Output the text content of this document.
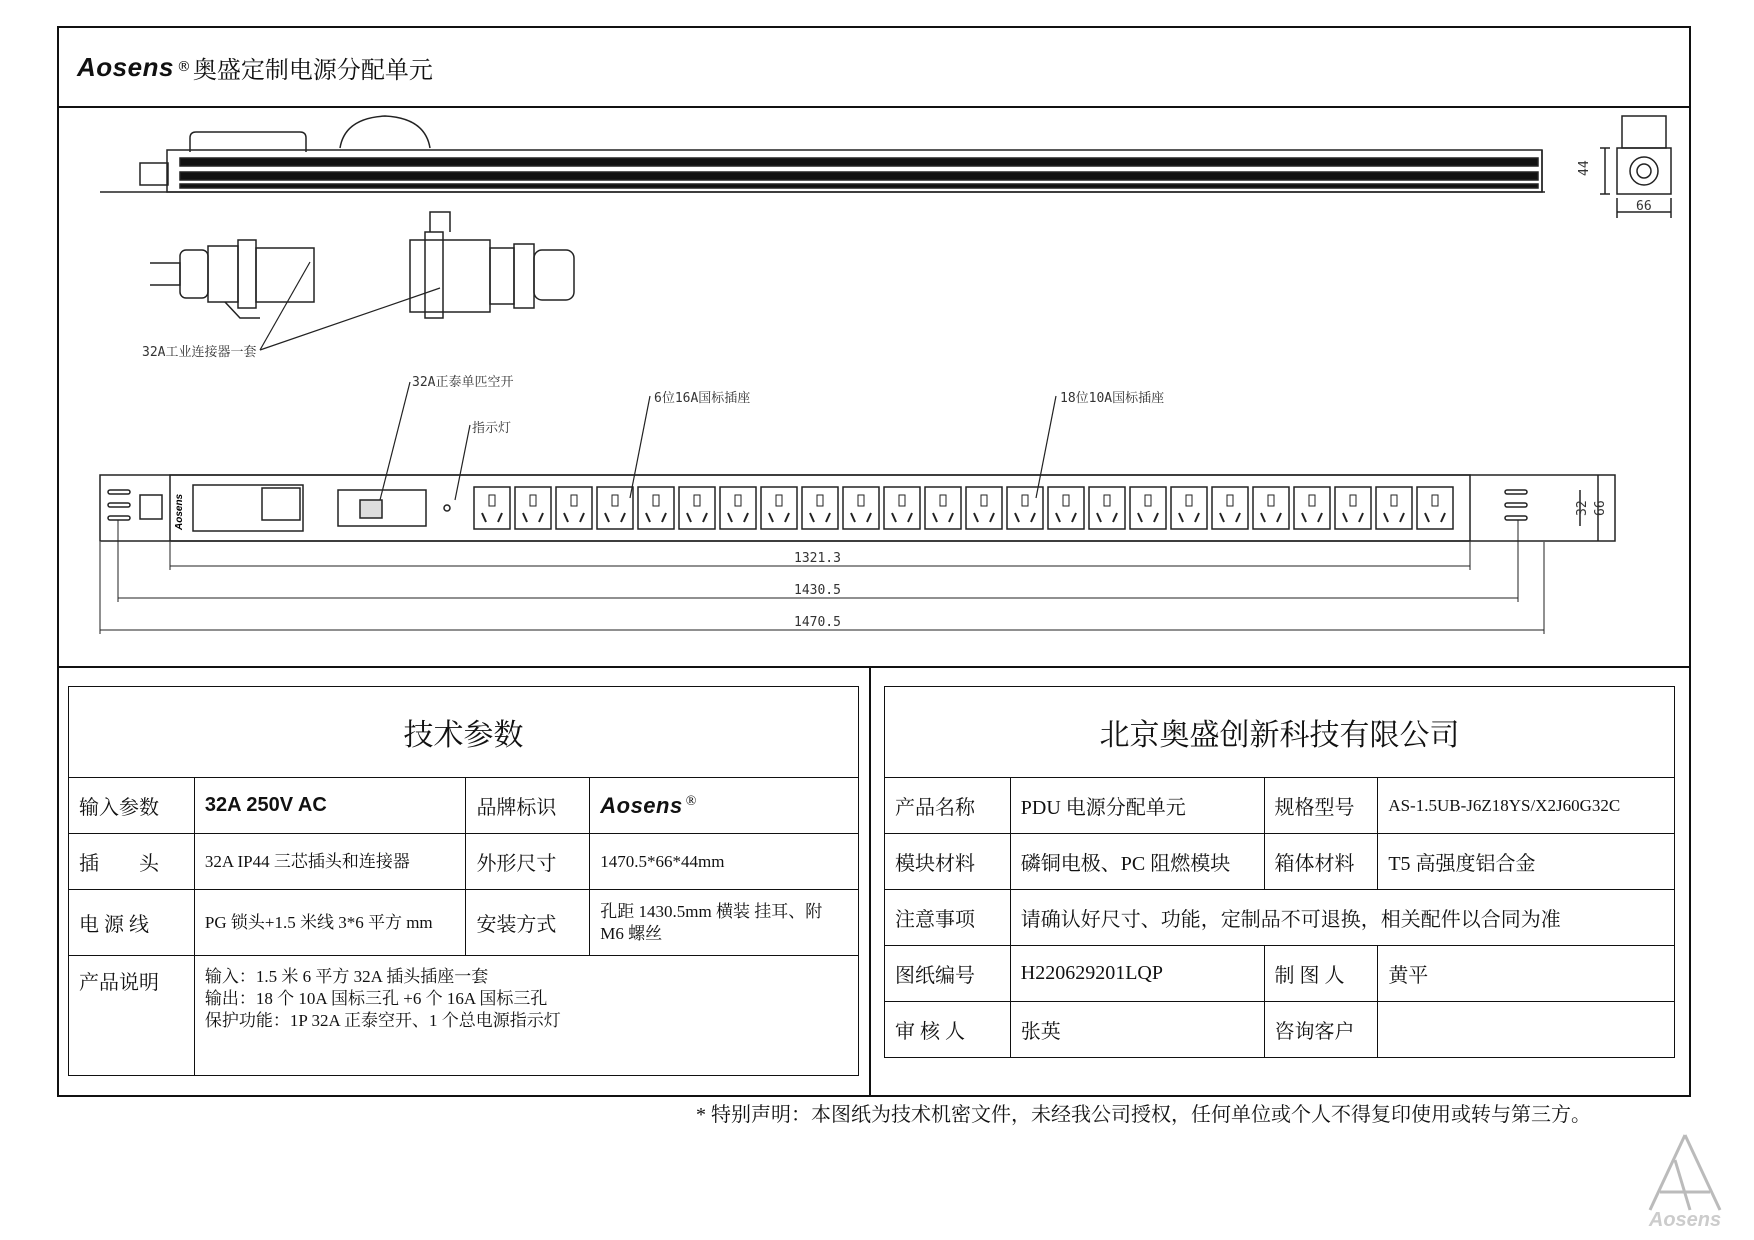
Aosens ® 奥盛定制电源分配单元
44
66
32A工业连接器一套
32A正泰单匹空开
指示灯
6位16A国标插座	18位10A国标插座
Aosens	32 66
1321.3
1430.5
1470.5
技术参数			
输入参数	32A 250V AC	品牌标识	Aosens ®
插　　头	32A IP44 三芯插头和连接器	外形尺寸	1470.5*66*44mm
电 源 线	PG 锁头+1.5 米线 3*6 平方 mm	安装方式	孔距 1430.5mm 横装 挂耳、附 M6 螺丝
产品说明	输入：1.5 米 6 平方 32A 插头插座一套
输出：18 个 10A 国标三孔 +6 个 16A 国标三孔
保护功能：1P 32A 正泰空开、1 个总电源指示灯		
北京奥盛创新科技有限公司			
产品名称	PDU 电源分配单元	规格型号	AS-1.5UB-J6Z18YS/X2J60G32C
模块材料	磷铜电极、PC 阻燃模块	箱体材料	T5 高强度铝合金
注意事项	请确认好尺寸、功能，定制品不可退换，相关配件以合同为准		
图纸编号	H220629201LQP	制 图 人	黄平
审 核 人	张英	咨询客户	
* 特别声明：本图纸为技术机密文件，未经我公司授权，任何单位或个人不得复印使用或转与第三方。
Aosens
